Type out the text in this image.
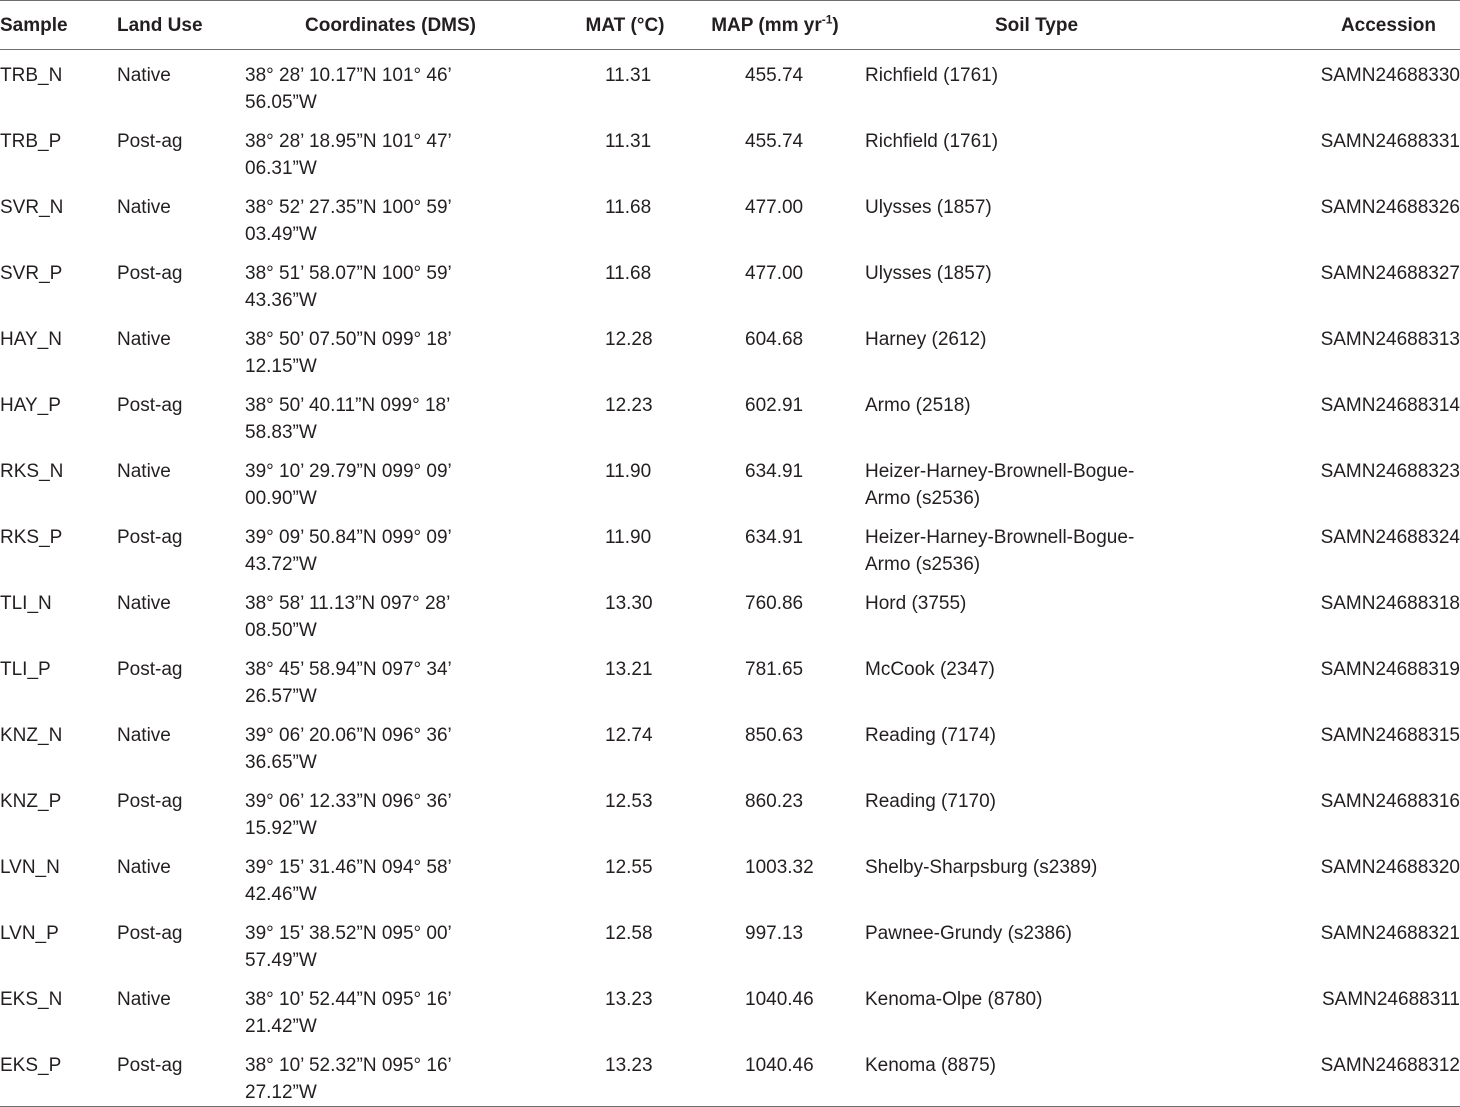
Sample	Land Use	Coordinates (DMS)	MAT (°C)	MAP (mm $yr^{-1}$)	Soil Type	Accession
TRB_N	Native	38° 28’ 10.17”N 101° 46’ 56.05”W	11.31	455.74	Richfield (1761)	SAMN24688330
TRB_P	Post-ag	38° 28’ 18.95”N 101° 47’ 06.31”W	11.31	455.74	Richfield (1761)	SAMN24688331
SVR_N	Native	38° 52’ 27.35”N 100° 59’ 03.49”W	11.68	477.00	Ulysses (1857)	SAMN24688326
SVR_P	Post-ag	38° 51’ 58.07”N 100° 59’ 43.36”W	11.68	477.00	Ulysses (1857)	SAMN24688327
HAY_N	Native	38° 50’ 07.50”N 099° 18’ 12.15”W	12.28	604.68	Harney (2612)	SAMN24688313
HAY_P	Post-ag	38° 50’ 40.11”N 099° 18’ 58.83”W	12.23	602.91	Armo (2518)	SAMN24688314
RKS_N	Native	39° 10’ 29.79”N 099° 09’ 00.90”W	11.90	634.91	Heizer-Harney-Brownell-Bogue-Armo (s2536)	SAMN24688323
RKS_P	Post-ag	39° 09’ 50.84”N 099° 09’ 43.72”W	11.90	634.91	Heizer-Harney-Brownell-Bogue-Armo (s2536)	SAMN24688324
TLI_N	Native	38° 58’ 11.13”N 097° 28’ 08.50”W	13.30	760.86	Hord (3755)	SAMN24688318
TLI_P	Post-ag	38° 45’ 58.94”N 097° 34’ 26.57”W	13.21	781.65	McCook (2347)	SAMN24688319
KNZ_N	Native	39° 06’ 20.06”N 096° 36’ 36.65”W	12.74	850.63	Reading (7174)	SAMN24688315
KNZ_P	Post-ag	39° 06’ 12.33”N 096° 36’ 15.92”W	12.53	860.23	Reading (7170)	SAMN24688316
LVN_N	Native	39° 15’ 31.46”N 094° 58’ 42.46”W	12.55	1003.32	Shelby-Sharpsburg (s2389)	SAMN24688320
LVN_P	Post-ag	39° 15’ 38.52”N 095° 00’ 57.49”W	12.58	997.13	Pawnee-Grundy (s2386)	SAMN24688321
EKS_N	Native	38° 10’ 52.44”N 095° 16’ 21.42”W	13.23	1040.46	Kenoma-Olpe (8780)	SAMN24688311
EKS_P	Post-ag	38° 10’ 52.32”N 095° 16’ 27.12”W	13.23	1040.46	Kenoma (8875)	SAMN24688312
